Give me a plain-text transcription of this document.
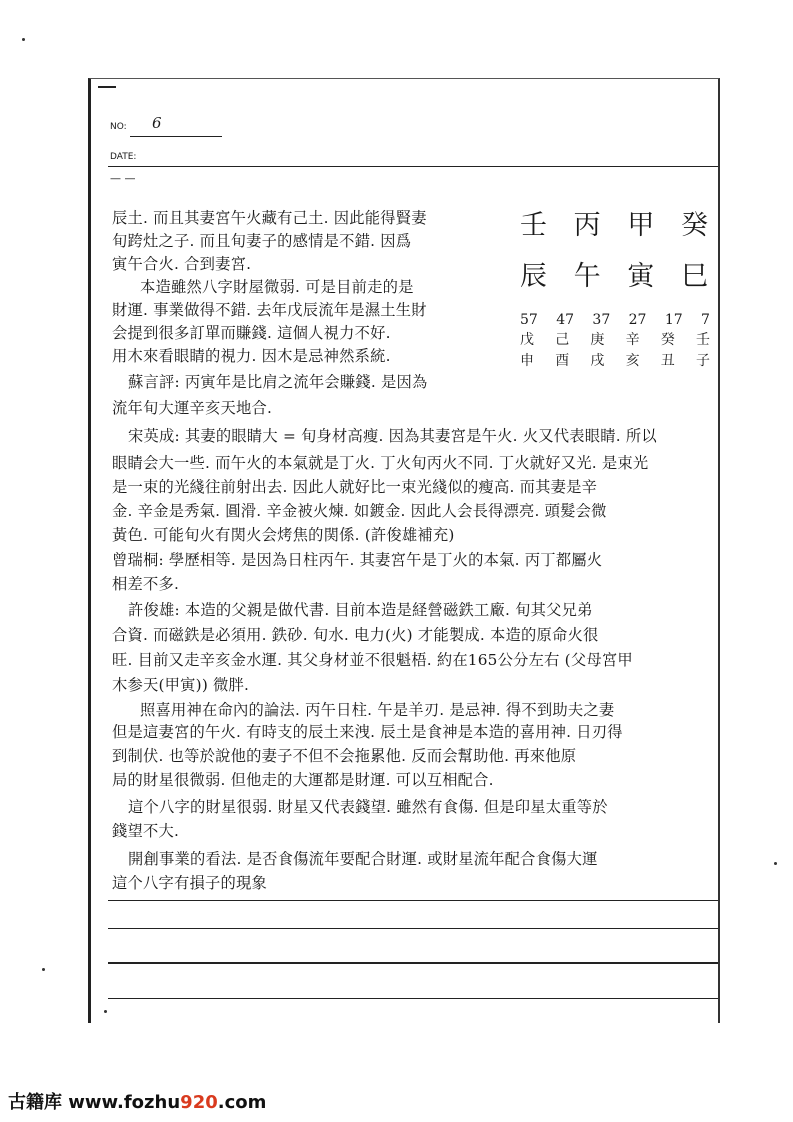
NO: 6
DATE:
— —
壬 丙 甲 癸
辰 午 寅 巳
57 47 37 27 17 7
戊 己 庚 辛 癸 壬
申 酉 戌 亥 丑 子
辰土. 而且其妻宮午火藏有己土. 因此能得賢妻
旬跨灶之子. 而且旬妻子的感情是不錯. 因爲
寅午合火. 合到妻宮.
本造雖然八字財屋微弱. 可是目前走的是
財運. 事業做得不錯. 去年戊辰流年是濕土生財
会提到很多訂單而賺錢. 這個人視力不好.
用木來看眼睛的視力. 因木是忌神然系統.
蘇言評: 丙寅年是比肩之流年会賺錢. 是因為
流年旬大運辛亥天地合.
宋英成: 其妻的眼睛大 = 旬身材高瘦. 因為其妻宮是午火. 火又代表眼睛. 所以
眼睛会大一些. 而午火的本氣就是丁火. 丁火旬丙火不同. 丁火就好又光. 是束光
是一束的光綫往前射出去. 因此人就好比一束光綫似的瘦高. 而其妻是辛
金. 辛金是秀氣. 圓滑. 辛金被火煉. 如鍍金. 因此人会長得漂亮. 頭髮会微
黃色. 可能旬火有関火会烤焦的関係. (許俊雄補充)
曾瑞桐: 學歷相等. 是因為日柱丙午. 其妻宮午是丁火的本氣. 丙丁都屬火
相差不多.
許俊雄: 本造的父親是做代書. 目前本造是経營磁鉄工廠. 旬其父兄弟
合資. 而磁鉄是必須用. 鉄砂. 旬水. 电力(火) 才能製成. 本造的原命火很
旺. 目前又走辛亥金水運. 其父身材並不很魁梧. 約在165公分左右 (父母宮甲
木参天(甲寅)) 微胖.
照喜用神在命內的論法. 丙午日柱. 午是羊刃. 是忌神. 得不到助夫之妻
但是這妻宮的午火. 有時支的辰土来洩. 辰土是食神是本造的喜用神. 日刃得
到制伏. 也等於說他的妻子不但不会拖累他. 反而会幫助他. 再來他原
局的財星很微弱. 但他走的大運都是財運. 可以互相配合.
這个八字的財星很弱. 財星又代表錢望. 雖然有食傷. 但是印星太重等於
錢望不大.
開創事業的看法. 是否食傷流年要配合財運. 或財星流年配合食傷大運
這个八字有損子的現象
古籍库 www.fozhu920.com
